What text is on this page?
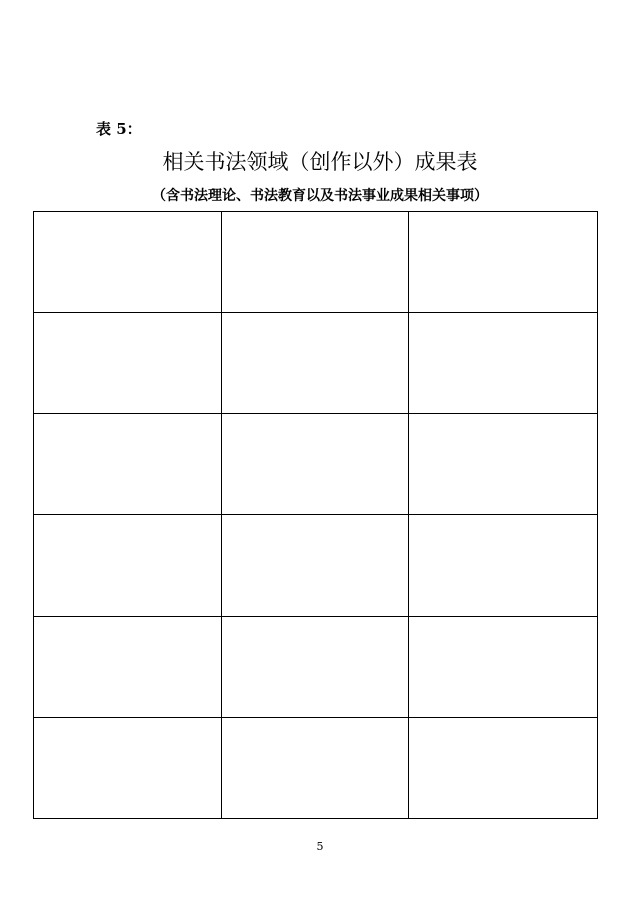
表 5：
相关书法领域（创作以外）成果表
（含书法理论、书法教育以及书法事业成果相关事项）

5
